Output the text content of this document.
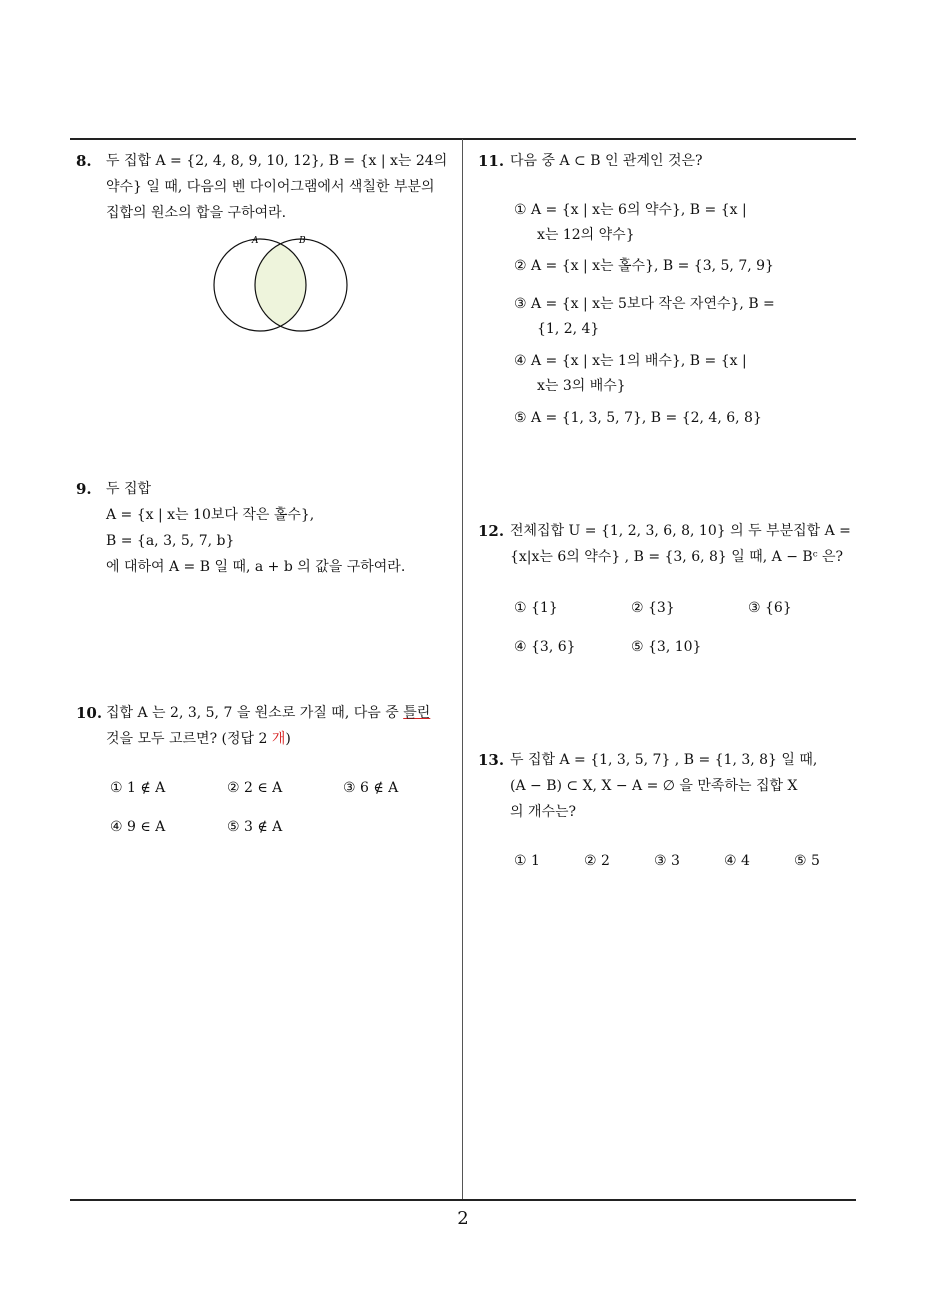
8. 두 집합 A = {2, 4, 8, 9, 10, 12}, B = {x | x는 24의
약수} 일 때, 다음의 벤 다이어그램에서 색칠한 부분의
집합의 원소의 합을 구하여라.
A	B
9. 두 집합
A = {x | x는 10보다 작은 홀수},
B = {a, 3, 5, 7, b}
에 대하여 A = B 일 때, a + b 의 값을 구하여라.
10. 집합 A 는 2, 3, 5, 7 을 원소로 가질 때, 다음 중 틀린
것을 모두 고르면? (정답 2 개)
① 1 ∉ A	② 2 ∈ A	③ 6 ∉ A
④ 9 ∈ A	⑤ 3 ∉ A
11. 다음 중 A ⊂ B 인 관계인 것은?
① A = {x | x는 6의 약수}, B = {x |
x는 12의 약수}
② A = {x | x는 홀수}, B = {3, 5, 7, 9}
③ A = {x | x는 5보다 작은 자연수}, B =
{1, 2, 4}
④ A = {x | x는 1의 배수}, B = {x |
x는 3의 배수}
⑤ A = {1, 3, 5, 7}, B = {2, 4, 6, 8}
12. 전체집합 U = {1, 2, 3, 6, 8, 10} 의 두 부분집합 A =
{x|x는 6의 약수} , B = {3, 6, 8} 일 때, A − Bᶜ 은?
① {1}	② {3}	③ {6}
④ {3, 6}	⑤ {3, 10}
13. 두 집합 A = {1, 3, 5, 7} , B = {1, 3, 8} 일 때,
(A − B) ⊂ X, X − A = ∅ 을 만족하는 집합 X
의 개수는?
① 1	② 2	③ 3	④ 4	⑤ 5
2
